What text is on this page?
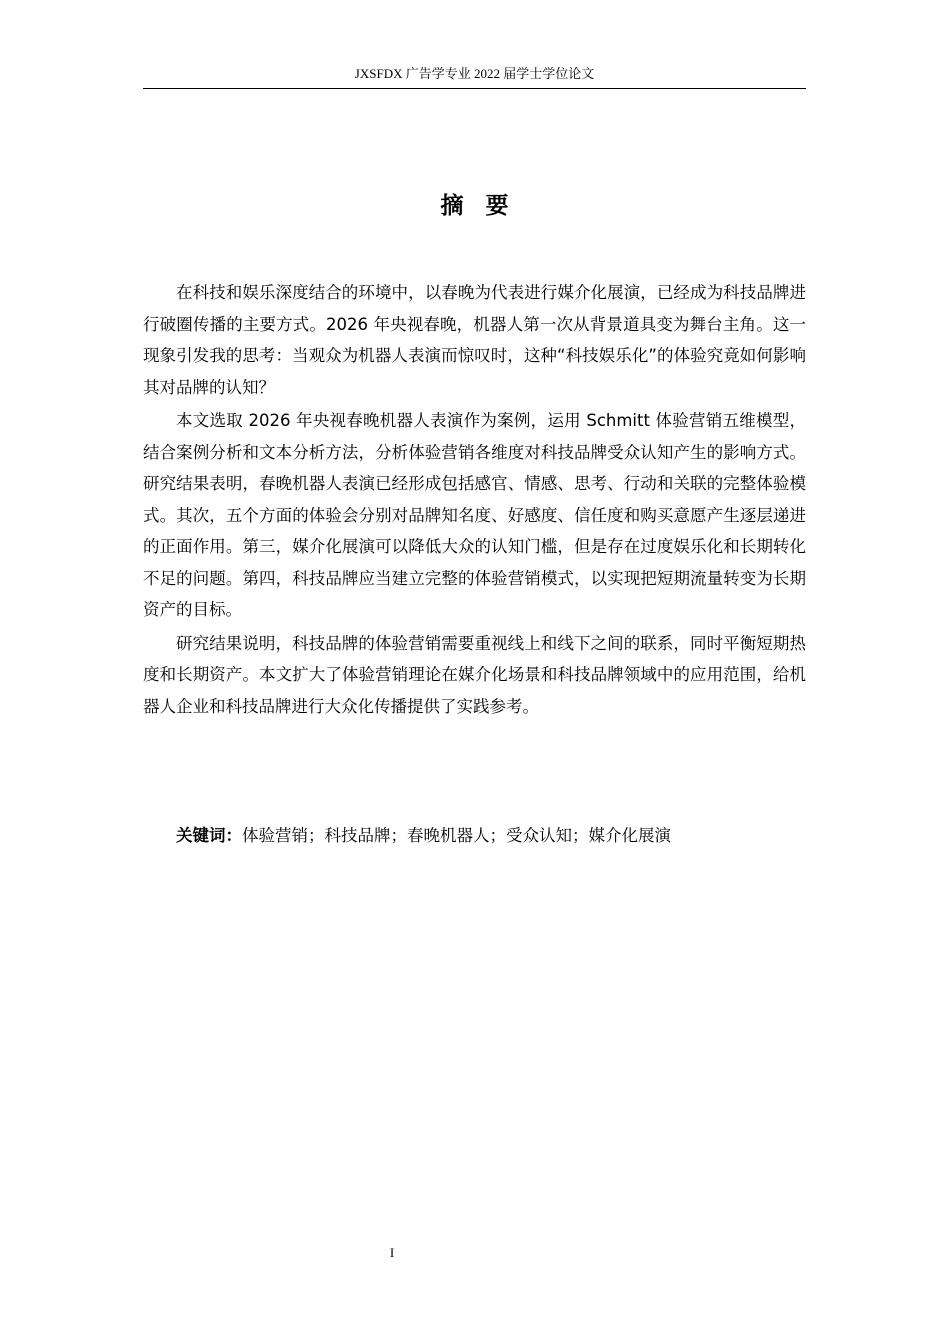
JXSFDX 广告学专业 2022 届学士学位论文
摘要

在科技和娱乐深度结合的环境中，以春晚为代表进行媒介化展演，已经成为科技品牌进行破圈传播的主要方式。2026 年央视春晚，机器人第一次从背景道具变为舞台主角。这一现象引发我的思考：当观众为机器人表演而惊叹时，这种“科技娱乐化”的体验究竟如何影响其对品牌的认知？

本文选取 2026 年央视春晚机器人表演作为案例，运用 Schmitt 体验营销五维模型，结合案例分析和文本分析方法，分析体验营销各维度对科技品牌受众认知产生的影响方式。研究结果表明，春晚机器人表演已经形成包括感官、情感、思考、行动和关联的完整体验模式。其次，五个方面的体验会分别对品牌知名度、好感度、信任度和购买意愿产生逐层递进的正面作用。第三，媒介化展演可以降低大众的认知门槛，但是存在过度娱乐化和长期转化不足的问题。第四，科技品牌应当建立完整的体验营销模式，以实现把短期流量转变为长期资产的目标。

研究结果说明，科技品牌的体验营销需要重视线上和线下之间的联系，同时平衡短期热度和长期资产。本文扩大了体验营销理论在媒介化场景和科技品牌领域中的应用范围，给机器人企业和科技品牌进行大众化传播提供了实践参考。

关键词：体验营销；科技品牌；春晚机器人；受众认知；媒介化展演
I
